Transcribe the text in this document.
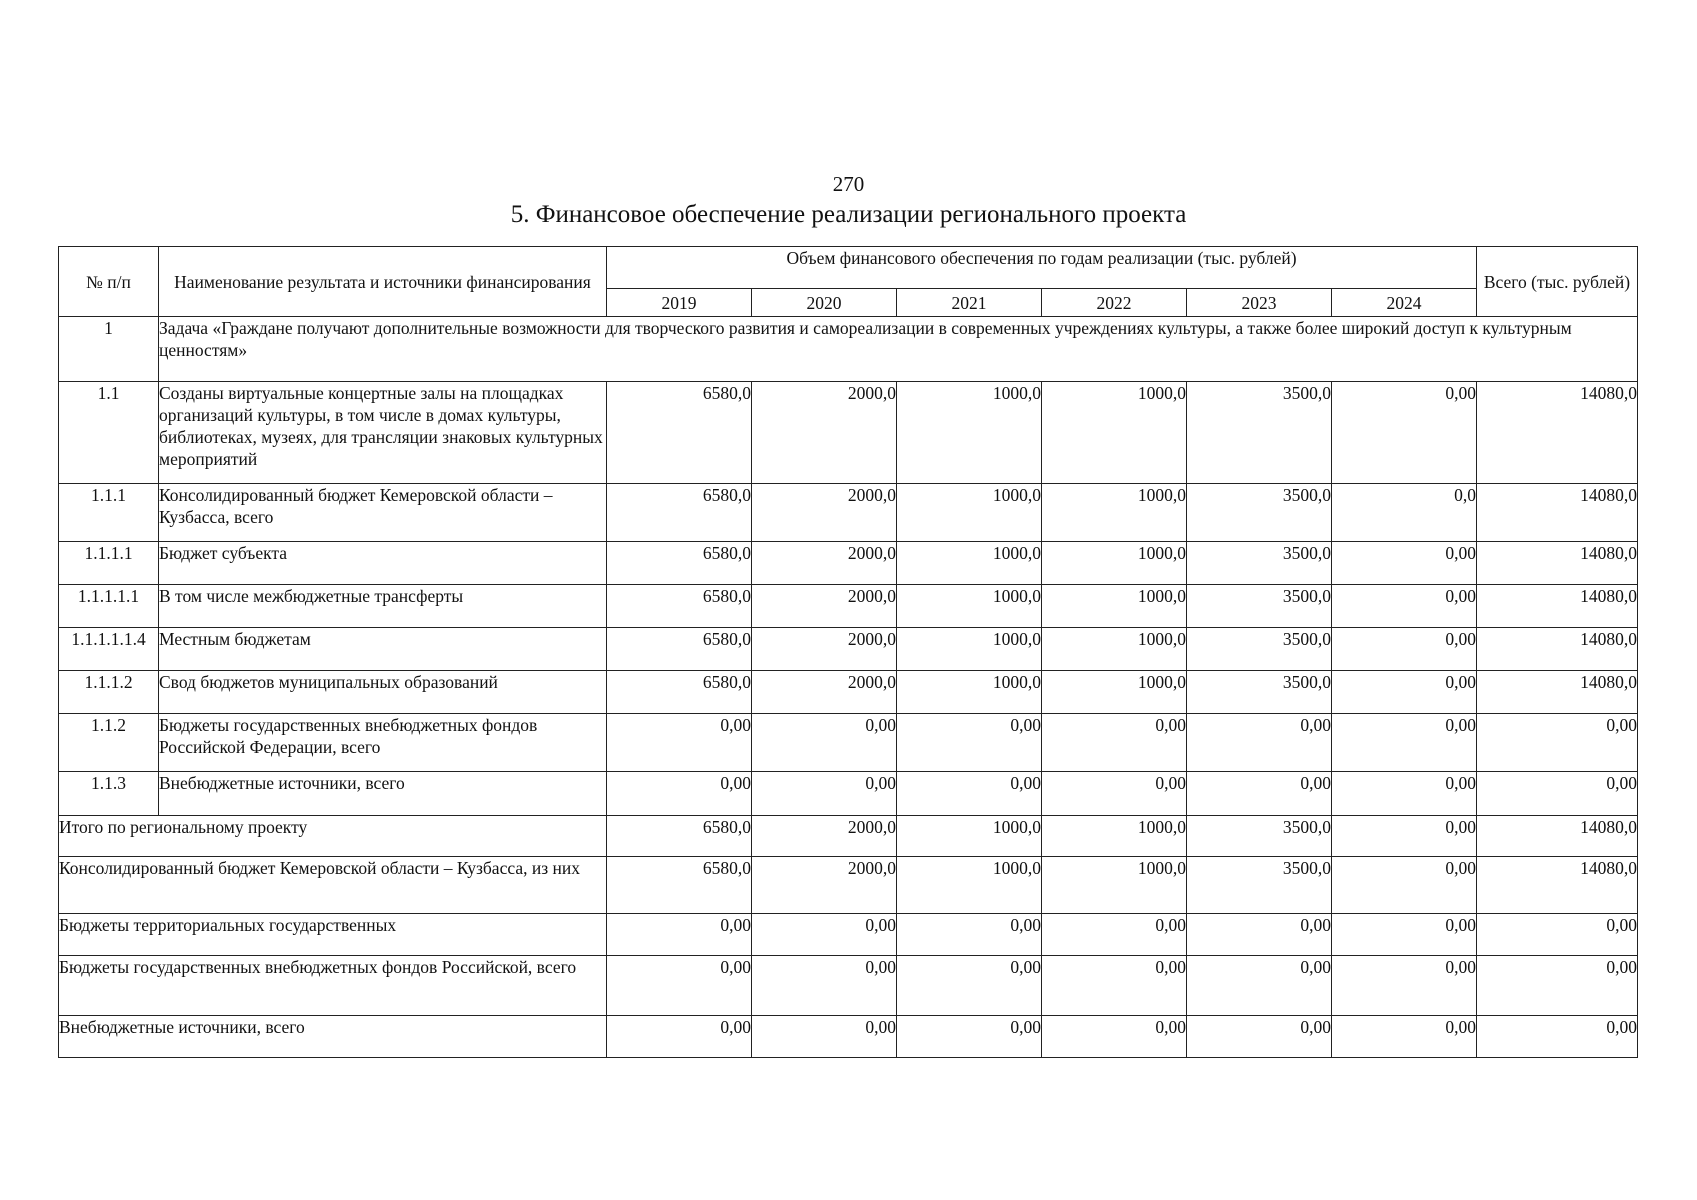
270
5. Финансовое обеспечение реализации регионального проекта
№ п/п	Наименование результата и источники финансирования	Объем финансового обеспечения по годам реализации (тыс. рублей)						Всего (тыс. рублей)
		2019	2020	2021	2022	2023	2024	
1	Задача «Граждане получают дополнительные возможности для творческого развития и самореализации в современных учреждениях культуры, а также более широкий доступ к культурным ценностям»							
1.1	Созданы виртуальные концертные залы на площадках организаций культуры, в том числе в домах культуры, библиотеках, музеях, для трансляции знаковых культурных мероприятий	6580,0	2000,0	1000,0	1000,0	3500,0	0,00	14080,0
1.1.1	Консолидированный бюджет Кемеровской области – Кузбасса, всего	6580,0	2000,0	1000,0	1000,0	3500,0	0,0	14080,0
1.1.1.1	Бюджет субъекта	6580,0	2000,0	1000,0	1000,0	3500,0	0,00	14080,0
1.1.1.1.1	В том числе межбюджетные трансферты	6580,0	2000,0	1000,0	1000,0	3500,0	0,00	14080,0
1.1.1.1.1.4	Местным бюджетам	6580,0	2000,0	1000,0	1000,0	3500,0	0,00	14080,0
1.1.1.2	Свод бюджетов муниципальных образований	6580,0	2000,0	1000,0	1000,0	3500,0	0,00	14080,0
1.1.2	Бюджеты государственных внебюджетных фондов Российской Федерации, всего	0,00	0,00	0,00	0,00	0,00	0,00	0,00
1.1.3	Внебюджетные источники, всего	0,00	0,00	0,00	0,00	0,00	0,00	0,00
Итого по региональному проекту		6580,0	2000,0	1000,0	1000,0	3500,0	0,00	14080,0
Консолидированный бюджет Кемеровской области – Кузбасса, из них		6580,0	2000,0	1000,0	1000,0	3500,0	0,00	14080,0
Бюджеты территориальных государственных		0,00	0,00	0,00	0,00	0,00	0,00	0,00
Бюджеты государственных внебюджетных фондов Российской, всего		0,00	0,00	0,00	0,00	0,00	0,00	0,00
Внебюджетные источники, всего		0,00	0,00	0,00	0,00	0,00	0,00	0,00
